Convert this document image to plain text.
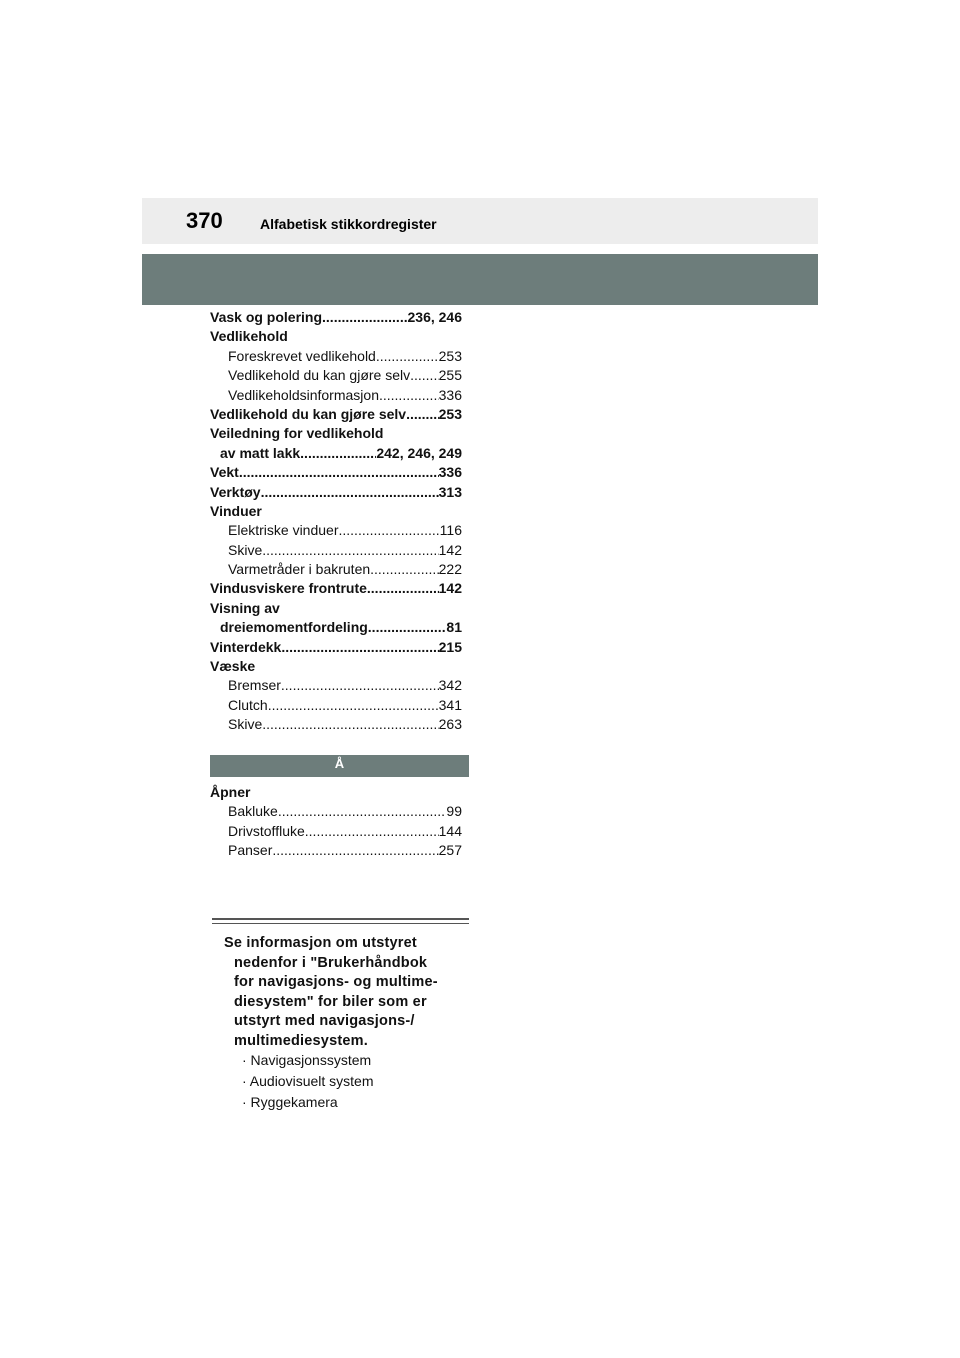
370	Alfabetisk stikkordregister
Vask og polering .....	236, 246
Vedlikehold
Foreskrevet vedlikehold .....	253
Vedlikehold du kan gjøre selv ..... 255
Vedlikeholdsinformasjon .....	336
Vedlikehold du kan gjøre selv ..... 253
Veiledning for vedlikehold
av matt lakk .....	242, 246, 249
Vekt .....	336
Verktøy .....	313
Vinduer
Elektriske vinduer .....	116
Skive .....	142
Varmetråder i bakruten .....	222
Vindusviskere frontrute .....	142
Visning av
dreiemomentfordeling .....	81
Vinterdekk .....	215
Væske
Bremser .....	342
Clutch .....	341
Skive .....	263
Å
Åpner
Bakluke .....	99
Drivstoffluke .....	144
Panser .....	257
Se informasjon om utstyret
nedenfor i "Brukerhåndbok
for navigasjons- og multime-
diesystem" for biler som er
utstyrt med navigasjons-/
multimediesystem.
· Navigasjonssystem
· Audiovisuelt system
· Ryggekamera
